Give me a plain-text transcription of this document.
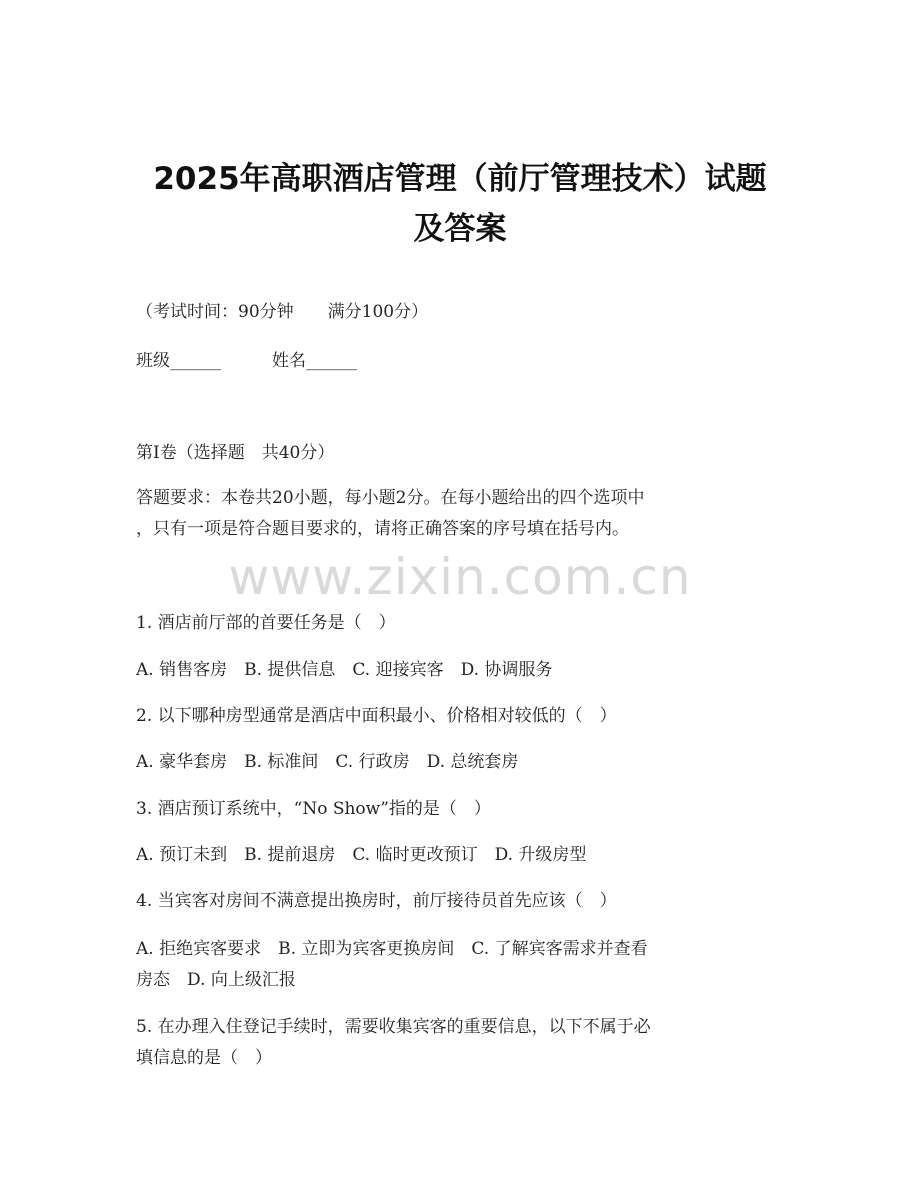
2025年高职酒店管理（前厅管理技术）试题
及答案
（考试时间：90分钟　　满分100分）
班级______　　　姓名______
第I卷（选择题　共40分）
答题要求：本卷共20小题，每小题2分。在每小题给出的四个选项中
，只有一项是符合题目要求的，请将正确答案的序号填在括号内。
www.zixin.com.cn
1. 酒店前厅部的首要任务是（　）
A. 销售客房　B. 提供信息　C. 迎接宾客　D. 协调服务
2. 以下哪种房型通常是酒店中面积最小、价格相对较低的（　）
A. 豪华套房　B. 标准间　C. 行政房　D. 总统套房
3. 酒店预订系统中，“No Show”指的是（　）
A. 预订未到　B. 提前退房　C. 临时更改预订　D. 升级房型
4. 当宾客对房间不满意提出换房时，前厅接待员首先应该（　）
A. 拒绝宾客要求　B. 立即为宾客更换房间　C. 了解宾客需求并查看
房态　D. 向上级汇报
5. 在办理入住登记手续时，需要收集宾客的重要信息，以下不属于必
填信息的是（　）
